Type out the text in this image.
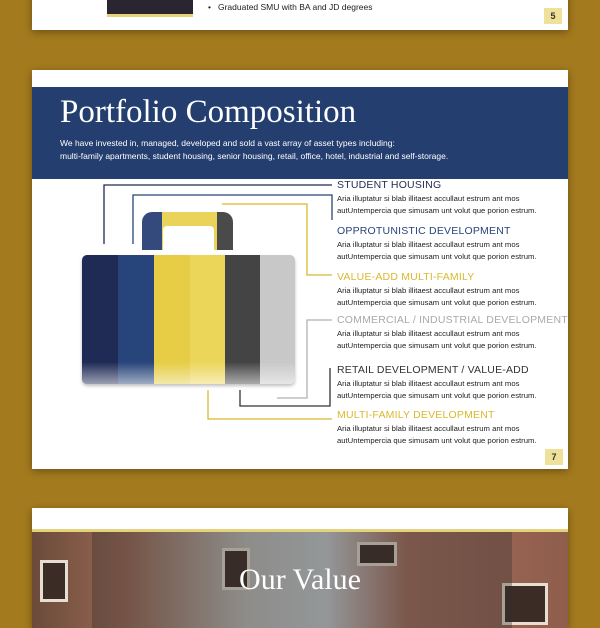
• Graduated SMU with BA and JD degrees
5
Portfolio Composition
We have invested in, managed, developed and sold a vast array of asset types including:
multi-family apartments, student housing, senior housing, retail, office, hotel, industrial and self-storage.
STUDENT HOUSING
Aria illuptatur si blab illitaest accullaut estrum ant mos
autUntempercia que simusam unt volut que porion estrum.
OPPROTUNISTIC DEVELOPMENT
Aria illuptatur si blab illitaest accullaut estrum ant mos
autUntempercia que simusam unt volut que porion estrum.
VALUE-ADD MULTI-FAMILY
Aria illuptatur si blab illitaest accullaut estrum ant mos
autUntempercia que simusam unt volut que porion estrum.
COMMERCIAL / INDUSTRIAL DEVELOPMENT
Aria illuptatur si blab illitaest accullaut estrum ant mos
autUntempercia que simusam unt volut que porion estrum.
RETAIL DEVELOPMENT / VALUE-ADD
Aria illuptatur si blab illitaest accullaut estrum ant mos
autUntempercia que simusam unt volut que porion estrum.
MULTI-FAMILY DEVELOPMENT
Aria illuptatur si blab illitaest accullaut estrum ant mos
autUntempercia que simusam unt volut que porion estrum.
7
Our Value
